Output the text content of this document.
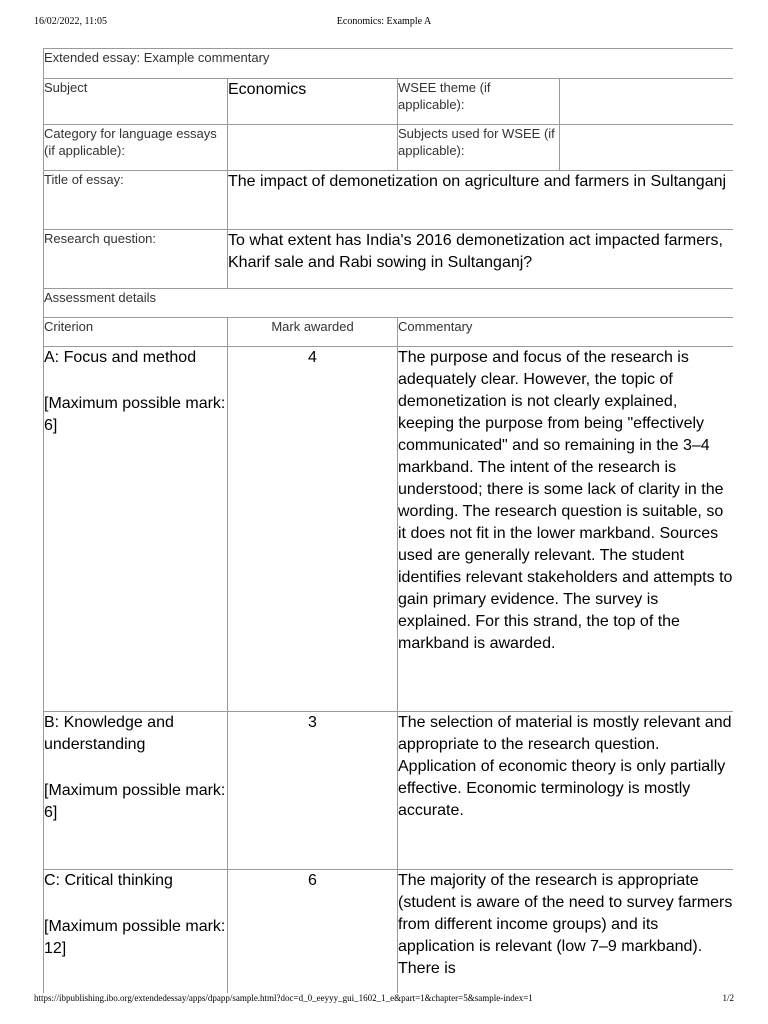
16/02/2022, 11:05	Economics: Example A
Extended essay: Example commentary			
Subject	Economics	WSEE theme (if applicable):	
Category for language essays (if applicable):		Subjects used for WSEE (if applicable):	
Title of essay:	The impact of demonetization on agriculture and farmers in Sultanganj		
Research question:	To what extent has India's 2016 demonetization act impacted farmers, Kharif sale and Rabi sowing in Sultanganj?		
Assessment details			
Criterion	Mark awarded	Commentary	

A: Focus and method
[Maximum possible mark: 6]	4	The purpose and focus of the research is adequately clear. However, the topic of demonetization is not clearly explained, keeping the purpose from being "effectively communicated" and so remaining in the 3–4 markband. The intent of the research is understood; there is some lack of clarity in the wording. The research question is suitable, so it does not fit in the lower markband. Sources used are generally relevant. The student identifies relevant stakeholders and attempts to gain primary evidence. The survey is explained. For this strand, the top of the markband is awarded.	

B: Knowledge and understanding
[Maximum possible mark: 6]	3	The selection of material is mostly relevant and appropriate to the research question. Application of economic theory is only partially effective. Economic terminology is mostly accurate.	

C: Critical thinking
[Maximum possible mark: 12]	6	The majority of the research is appropriate (student is aware of the need to survey farmers from different income groups) and its application is relevant (low 7–9 markband). There is	
https://ibpublishing.ibo.org/extendedessay/apps/dpapp/sample.html?doc=d_0_eeyyy_gui_1602_1_e&part=1&chapter=5&sample-index=1	1/2
